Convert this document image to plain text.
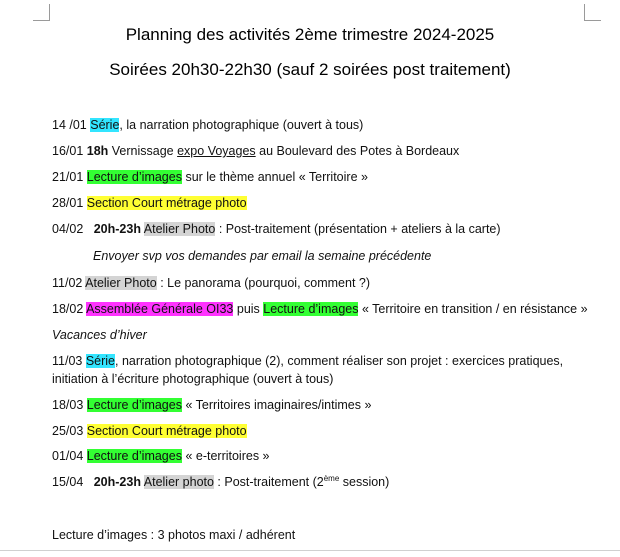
Planning des activités 2ème trimestre 2024-2025
Soirées 20h30-22h30 (sauf 2 soirées post traitement)
14 /01 Série, la narration photographique (ouvert à tous)
16/01 18h Vernissage expo Voyages au Boulevard des Potes à Bordeaux
21/01 Lecture d’images sur le thème annuel « Territoire »
28/01 Section Court métrage photo
04/02   20h-23h Atelier Photo : Post-traitement (présentation + ateliers à la carte)
Envoyer svp vos demandes par email la semaine précédente
11/02 Atelier Photo : Le panorama (pourquoi, comment ?)
18/02 Assemblée Générale OI33 puis Lecture d’images « Territoire en transition / en résistance »
Vacances d’hiver
11/03 Série, narration photographique (2), comment réaliser son projet : exercices pratiques,
initiation à l’écriture photographique (ouvert à tous)
18/03 Lecture d’images « Territoires imaginaires/intimes »
25/03 Section Court métrage photo
01/04 Lecture d’images « e-territoires »
15/04   20h-23h Atelier photo : Post-traitement (2ème session)
Lecture d’images : 3 photos maxi / adhérent
